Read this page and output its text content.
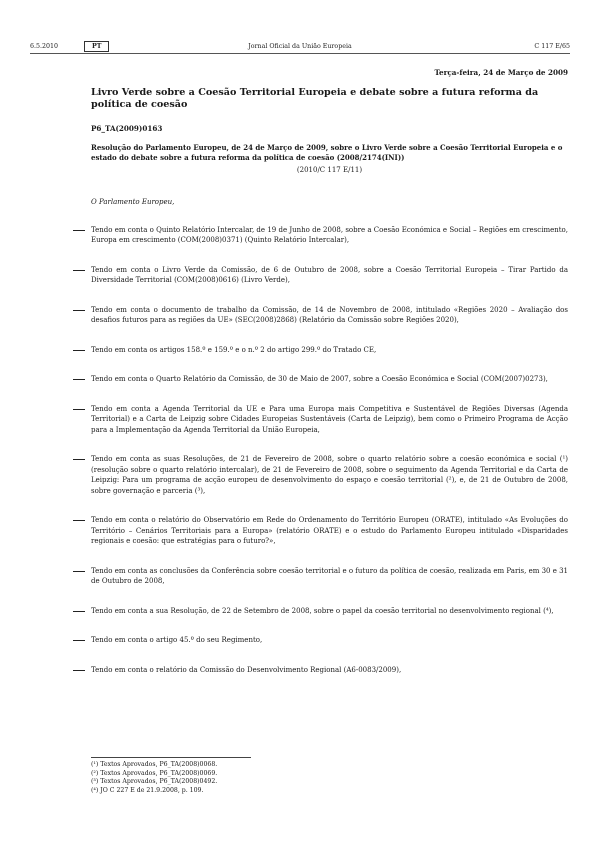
6.5.2010	PT	Jornal Oficial da União Europeia	C 117 E/65
Terça-feira, 24 de Março de 2009
Livro Verde sobre a Coesão Territorial Europeia e debate sobre a futura reforma da política de coesão
P6_TA(2009)0163
Resolução do Parlamento Europeu, de 24 de Março de 2009, sobre o Livro Verde sobre a Coesão Territorial Europeia e o estado do debate sobre a futura reforma da política de coesão (2008/2174(INI))
(2010/C 117 E/11)
O Parlamento Europeu,
Tendo em conta o Quinto Relatório Intercalar, de 19 de Junho de 2008, sobre a Coesão Económica e Social – Regiões em crescimento, Europa em crescimento (COM(2008)0371) (Quinto Relatório Intercalar),
Tendo em conta o Livro Verde da Comissão, de 6 de Outubro de 2008, sobre a Coesão Territorial Europeia – Tirar Partido da Diversidade Territorial (COM(2008)0616) (Livro Verde),
Tendo em conta o documento de trabalho da Comissão, de 14 de Novembro de 2008, intitulado «Regiões 2020 – Avaliação dos desafios futuros para as regiões da UE» (SEC(2008)2868) (Relatório da Comissão sobre Regiões 2020),
Tendo em conta os artigos 158.º e 159.º e o n.º 2 do artigo 299.º do Tratado CE,
Tendo em conta o Quarto Relatório da Comissão, de 30 de Maio de 2007, sobre a Coesão Económica e Social (COM(2007)0273),
Tendo em conta a Agenda Territorial da UE e Para uma Europa mais Competitiva e Sustentável de Regiões Diversas (Agenda Territorial) e a Carta de Leipzig sobre Cidades Europeias Sustentáveis (Carta de Leipzig), bem como o Primeiro Programa de Acção para a Implementação da Agenda Territorial da União Europeia,
Tendo em conta as suas Resoluções, de 21 de Fevereiro de 2008, sobre o quarto relatório sobre a coesão económica e social (¹) (resolução sobre o quarto relatório intercalar), de 21 de Fevereiro de 2008, sobre o seguimento da Agenda Territorial e da Carta de Leipzig: Para um programa de acção europeu de desenvolvimento do espaço e coesão territorial (²), e, de 21 de Outubro de 2008, sobre governação e parceria (³),
Tendo em conta o relatório do Observatório em Rede do Ordenamento do Território Europeu (ORATE), intitulado «As Evoluções do Território – Cenários Territoriais para a Europa» (relatório ORATE) e o estudo do Parlamento Europeu intitulado «Disparidades regionais e coesão: que estratégias para o futuro?»,
Tendo em conta as conclusões da Conferência sobre coesão territorial e o futuro da política de coesão, realizada em Paris, em 30 e 31 de Outubro de 2008,
Tendo em conta a sua Resolução, de 22 de Setembro de 2008, sobre o papel da coesão territorial no desenvolvimento regional (⁴),
Tendo em conta o artigo 45.º do seu Regimento,
Tendo em conta o relatório da Comissão do Desenvolvimento Regional (A6-0083/2009),
(¹) Textos Aprovados, P6_TA(2008)0068.
(²) Textos Aprovados, P6_TA(2008)0069.
(³) Textos Aprovados, P6_TA(2008)0492.
(⁴) JO C 227 E de 21.9.2008, p. 109.
